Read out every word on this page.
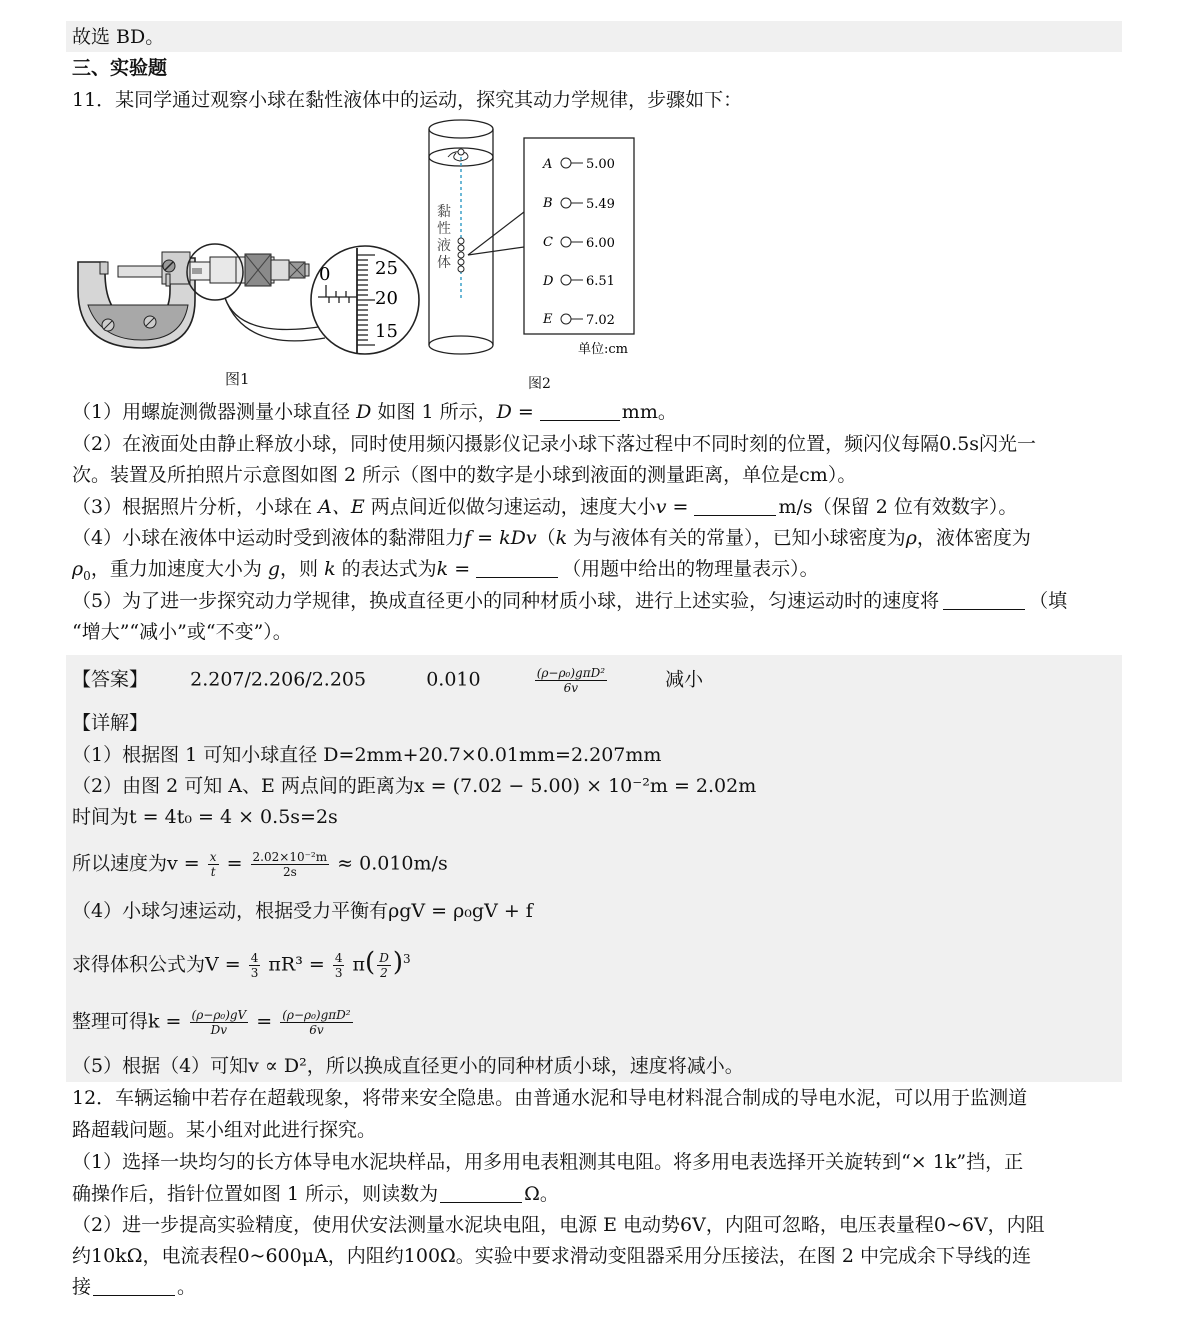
故选 BD。
三、实验题
11．某同学通过观察小球在黏性液体中的运动，探究其动力学规律，步骤如下：
0 25
20
15
图1
黏
性
液
体
A	5.00
B	5.49
C	6.00
D	6.51
E	7.02
单位:cm
图2
（1）用螺旋测微器测量小球直径 D 如图 1 所示，D =	mm。
（2）在液面处由静止释放小球，同时使用频闪摄影仪记录小球下落过程中不同时刻的位置，频闪仪每隔0.5s闪光一
次。装置及所拍照片示意图如图 2 所示（图中的数字是小球到液面的测量距离，单位是cm）。
（3）根据照片分析，小球在 A、E 两点间近似做匀速运动，速度大小v =	m/s（保留 2 位有效数字）。
（4）小球在液体中运动时受到液体的黏滞阻力f = kDv（k 为与液体有关的常量），已知小球密度为ρ，液体密度为
$\rho_0$，重力加速度大小为 g，则 k 的表达式为k =	（用题中给出的物理量表示）。
（5）为了进一步探究动力学规律，换成直径更小的同种材质小球，进行上述实验，匀速运动时的速度将	（填
“增大”“减小”或“不变”）。
【答案】 2.207/2.206/2.205	0.010	$\frac{\text{(ρ−ρ₀)gπD²}}{6v}$	减小
【详解】
（1）根据图 1 可知小球直径 D=2mm+20.7×0.01mm=2.207mm
（2）由图 2 可知 A、E 两点间的距离为x = (7.02 − 5.00) × 10⁻²m = 2.02m
时间为t = 4t₀ = 4 × 0.5s=2s
所以速度为$v = \frac{x}{t} = \frac{\text{2.02×10⁻²m}}{2s} \approx 0.010m/s$
（4）小球匀速运动，根据受力平衡有ρgV = ρ₀gV + f
求得体积公式为$V = \frac{4}{3} \pi R^3 = \frac{4}{3} \pi( \frac{D}{2} )^3$
整理可得$k = \frac{\text{(ρ−ρ₀)gV}}{Dv} = \frac{\text{(ρ−ρ₀)gπD²}}{6v}$
（5）根据（4）可知v ∝ D²，所以换成直径更小的同种材质小球，速度将减小。
12．车辆运输中若存在超载现象，将带来安全隐患。由普通水泥和导电材料混合制成的导电水泥，可以用于监测道
路超载问题。某小组对此进行探究。
（1）选择一块均匀的长方体导电水泥块样品，用多用电表粗测其电阻。将多用电表选择开关旋转到“× 1k”挡，正
确操作后，指针位置如图 1 所示，则读数为	Ω。
（2）进一步提高实验精度，使用伏安法测量水泥块电阻，电源 E 电动势6V，内阻可忽略，电压表量程0~6V，内阻
约10kΩ，电流表程0~600μA，内阻约100Ω。实验中要求滑动变阻器采用分压接法，在图 2 中完成余下导线的连
接	。
